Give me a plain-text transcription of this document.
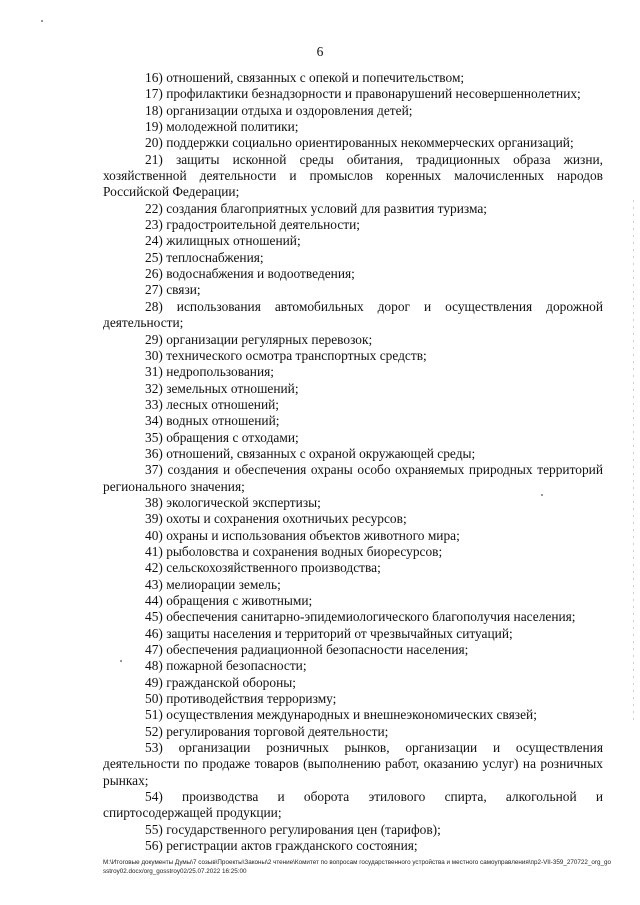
6

16) отношений, связанных с опекой и попечительством;

17) профилактики безнадзорности и правонарушений несовершеннолетних;

18) организации отдыха и оздоровления детей;

19) молодежной политики;

20) поддержки социально ориентированных некоммерческих организаций;

21) защиты исконной среды обитания, традиционных образа жизни, хозяйственной деятельности и промыслов коренных малочисленных народов Российской Федерации;

22) создания благоприятных условий для развития туризма;

23) градостроительной деятельности;

24) жилищных отношений;

25) теплоснабжения;

26) водоснабжения и водоотведения;

27) связи;

28) использования автомобильных дорог и осуществления дорожной деятельности;

29) организации регулярных перевозок;

30) технического осмотра транспортных средств;

31) недропользования;

32) земельных отношений;

33) лесных отношений;

34) водных отношений;

35) обращения с отходами;

36) отношений, связанных с охраной окружающей среды;

37) создания и обеспечения охраны особо охраняемых природных территорий регионального значения;

38) экологической экспертизы;

39) охоты и сохранения охотничьих ресурсов;

40) охраны и использования объектов животного мира;

41) рыболовства и сохранения водных биоресурсов;

42) сельскохозяйственного производства;

43) мелиорации земель;

44) обращения с животными;

45) обеспечения санитарно-эпидемиологического благополучия населения;

46) защиты населения и территорий от чрезвычайных ситуаций;

47) обеспечения радиационной безопасности населения;

48) пожарной безопасности;

49) гражданской обороны;

50) противодействия терроризму;

51) осуществления международных и внешнеэкономических связей;

52) регулирования торговой деятельности;

53) организации розничных рынков, организации и осуществления деятельности по продаже товаров (выполнению работ, оказанию услуг) на розничных рынках;

54) производства и оборота этилового спирта, алкогольной и спиртосодержащей продукции;

55) государственного регулирования цен (тарифов);

56) регистрации актов гражданского состояния;

M:\Итоговые документы Думы\7 созыв\Проекты\Законы\2 чтение\Комитет по вопросам государственного устройства и местного самоуправления\пр2-VII-359_270722_org_gosstroy02.docx/org_gosstroy02/25.07.2022 16:25:00
